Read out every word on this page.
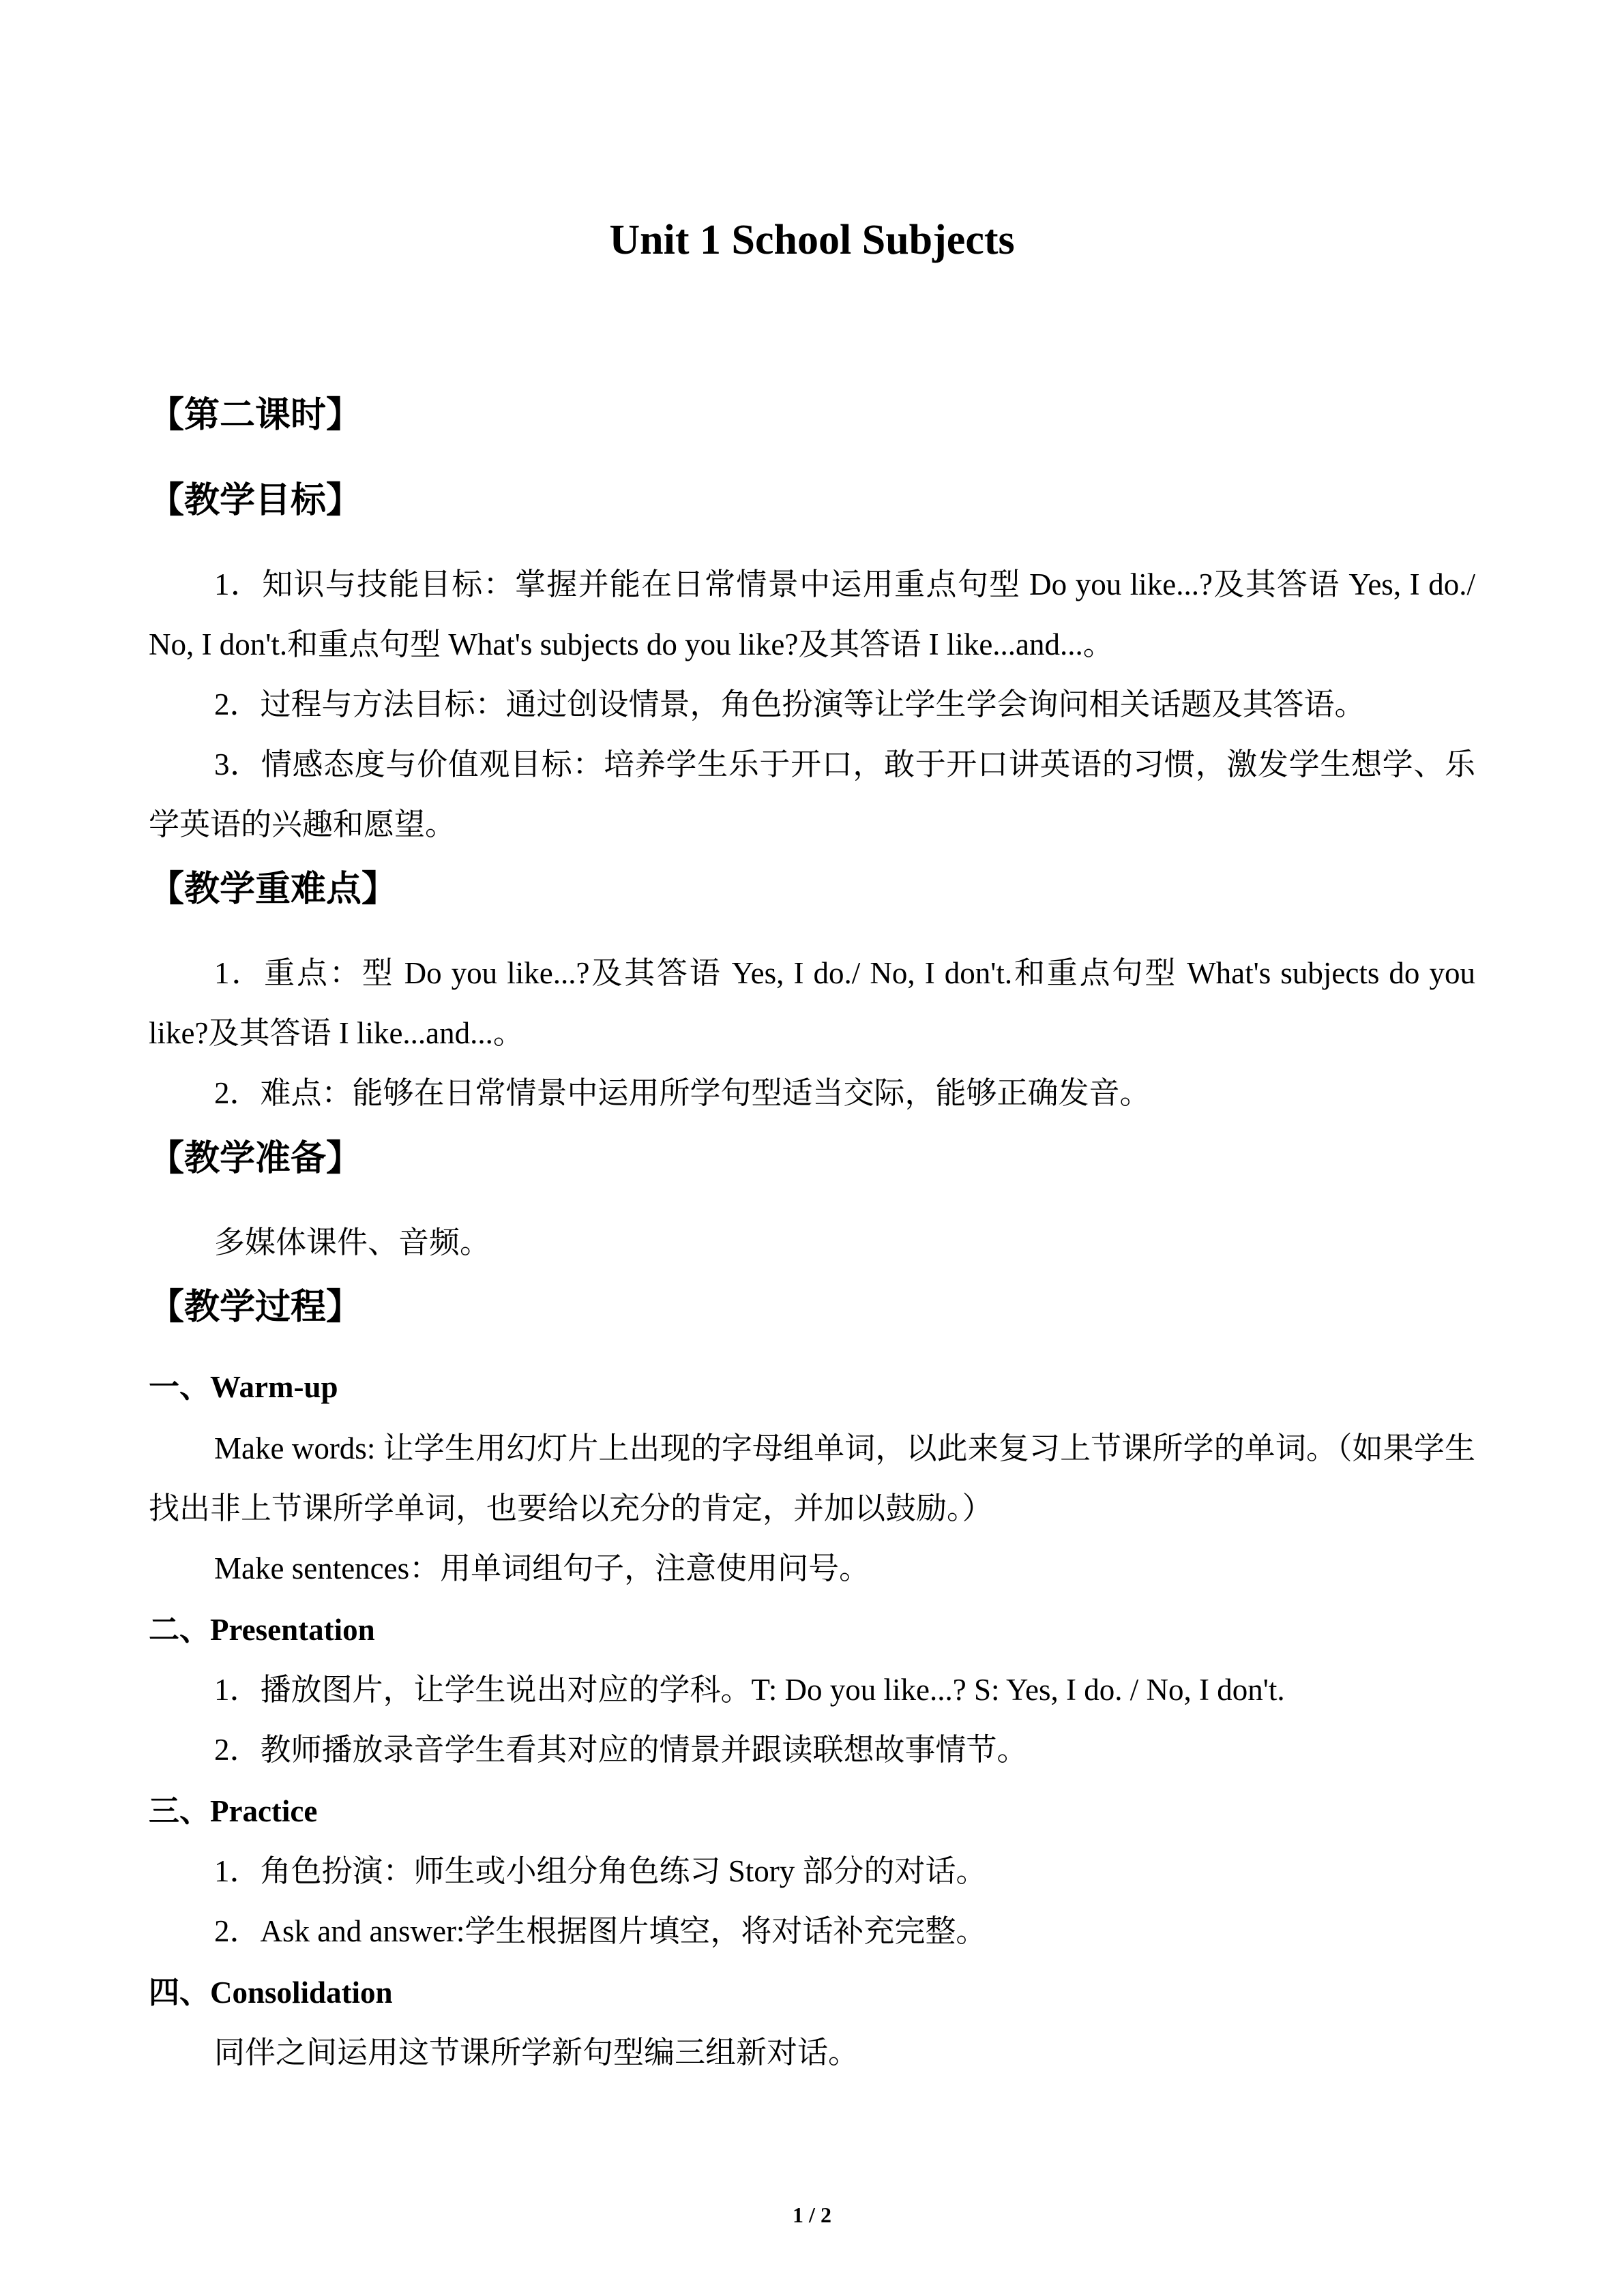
Unit 1 School Subjects
【第二课时】
【教学目标】
1．知识与技能目标：掌握并能在日常情景中运用重点句型 Do you like...?及其答语 Yes, I do./ No, I don't.和重点句型 What's subjects do you like?及其答语 I like...and...。
2．过程与方法目标：通过创设情景，角色扮演等让学生学会询问相关话题及其答语。
3．情感态度与价值观目标：培养学生乐于开口，敢于开口讲英语的习惯，激发学生想学、乐学英语的兴趣和愿望。
【教学重难点】
1．重点：型 Do you like...?及其答语 Yes, I do./ No, I don't.和重点句型 What's subjects do you like?及其答语 I like...and...。
2．难点：能够在日常情景中运用所学句型适当交际，能够正确发音。
【教学准备】
多媒体课件、音频。
【教学过程】
一、Warm-up
Make words: 让学生用幻灯片上出现的字母组单词，以此来复习上节课所学的单词。（如果学生找出非上节课所学单词，也要给以充分的肯定，并加以鼓励。）
Make sentences：用单词组句子，注意使用问号。
二、Presentation
1．播放图片，让学生说出对应的学科。T: Do you like...? S: Yes, I do. / No, I don't.
2．教师播放录音学生看其对应的情景并跟读联想故事情节。
三、Practice
1．角色扮演：师生或小组分角色练习 Story 部分的对话。
2．Ask and answer:学生根据图片填空，将对话补充完整。
四、Consolidation
同伴之间运用这节课所学新句型编三组新对话。
1 / 2
